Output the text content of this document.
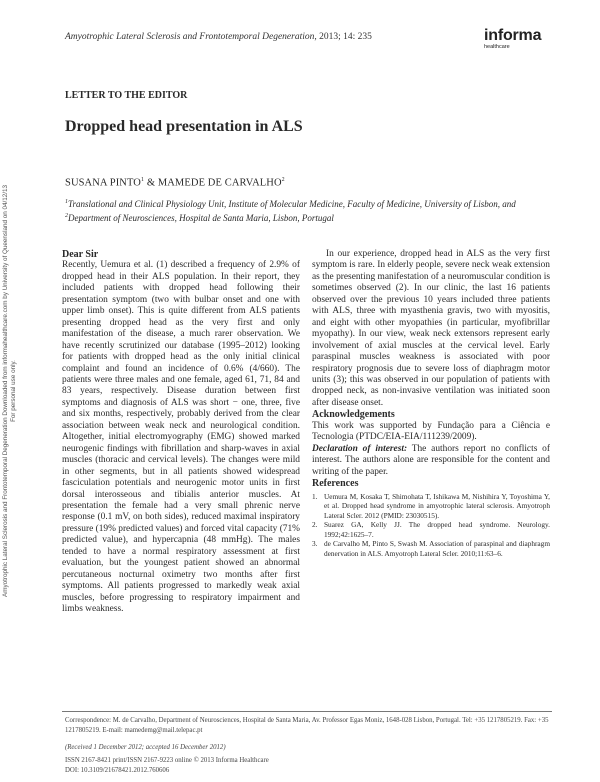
Amyotrophic Lateral Sclerosis and Frontotemporal Degeneration, 2013; 14: 235	informa
healthcare
LETTER TO THE EDITOR
Dropped head presentation in ALS
SUSANA PINTO$^1$ & MAMEDE DE CARVALHO$^2$
$^1$Translational and Clinical Physiology Unit, Institute of Molecular Medicine, Faculty of Medicine, University of Lisbon, and $^2$Department of Neurosciences, Hospital de Santa Maria, Lisbon, Portugal

Dear Sir

Recently, Uemura et al. (1) described a frequency of 2.9% of dropped head in their ALS population. In their report, they included patients with dropped head following their presentation symptom (two with bulbar onset and one with upper limb onset). This is quite different from ALS patients presenting dropped head as the very first and only manifestation of the disease, a much rarer observation. We have recently scrutinized our database (1995–2012) looking for patients with dropped head as the only initial clinical complaint and found an incidence of 0.6% (4/660). The patients were three males and one female, aged 61, 71, 84 and 83 years, respectively. Disease duration between first symptoms and diagnosis of ALS was short − one, three, five and six months, respectively, probably derived from the clear association between weak neck and neurological condition. Altogether, initial electromyography (EMG) showed marked neurogenic findings with fibrillation and sharp-waves in axial muscles (thoracic and cervical levels). The changes were mild in other segments, but in all patients showed widespread fasciculation potentials and neurogenic motor units in first dorsal interosseous and tibialis anterior muscles. At presentation the female had a very small phrenic nerve response (0.1 mV, on both sides), reduced maximal inspiratory pressure (19% predicted values) and forced vital capacity (71% predicted value), and hypercapnia (48 mmHg). The males tended to have a normal respiratory assessment at first evaluation, but the youngest patient showed an abnormal percutaneous nocturnal oximetry two months after first symptoms. All patients progressed to markedly weak axial muscles, before progressing to respiratory impairment and limbs weakness.

In our experience, dropped head in ALS as the very first symptom is rare. In elderly people, severe neck weak extension as the presenting manifestation of a neuromuscular condition is sometimes observed (2). In our clinic, the last 16 patients observed over the previous 10 years included three patients with ALS, three with myasthenia gravis, two with myositis, and eight with other myopathies (in particular, myofibrillar myopathy). In our view, weak neck extensors represent early involvement of axial muscles at the cervical level. Early paraspinal muscles weakness is associated with poor respiratory prognosis due to severe loss of diaphragm motor units (3); this was observed in our population of patients with dropped neck, as non-invasive ventilation was initiated soon after disease onset.

Acknowledgements

This work was supported by Fundação para a Ciência e Tecnologia (PTDC/EIA-EIA/111239/2009).

Declaration of interest: The authors report no conflicts of interest. The authors alone are responsible for the content and writing of the paper.

References

1. Uemura M, Kosaka T, Shimohata T, Ishikawa M, Nishihira Y, Toyoshima Y, et al. Dropped head syndrome in amyotrophic lateral sclerosis. Amyotroph Lateral Scler. 2012 (PMID: 23030515).
2. Suarez GA, Kelly JJ. The dropped head syndrome. Neurology. 1992;42:1625–7.
3. de Carvalho M, Pinto S, Swash M. Association of paraspinal and diaphragm denervation in ALS. Amyotroph Lateral Scler. 2010;11:63–6.
Correspondence: M. de Carvalho, Department of Neurosciences, Hospital de Santa Maria, Av. Professor Egas Moniz, 1648-028 Lisbon, Portugal. Tel: +35 1217805219. Fax: +35 1217805219. E-mail: mamedemg@mail.telepac.pt
(Received 1 December 2012; accepted 16 December 2012)
ISSN 2167-8421 print/ISSN 2167-9223 online © 2013 Informa Healthcare
DOI: 10.3109/21678421.2012.760606
Amyotrophic Lateral Sclerosis and Frontotemporal Degeneration Downloaded from informahealthcare.com by University of Queensland on 04/12/13 For personal use only.
